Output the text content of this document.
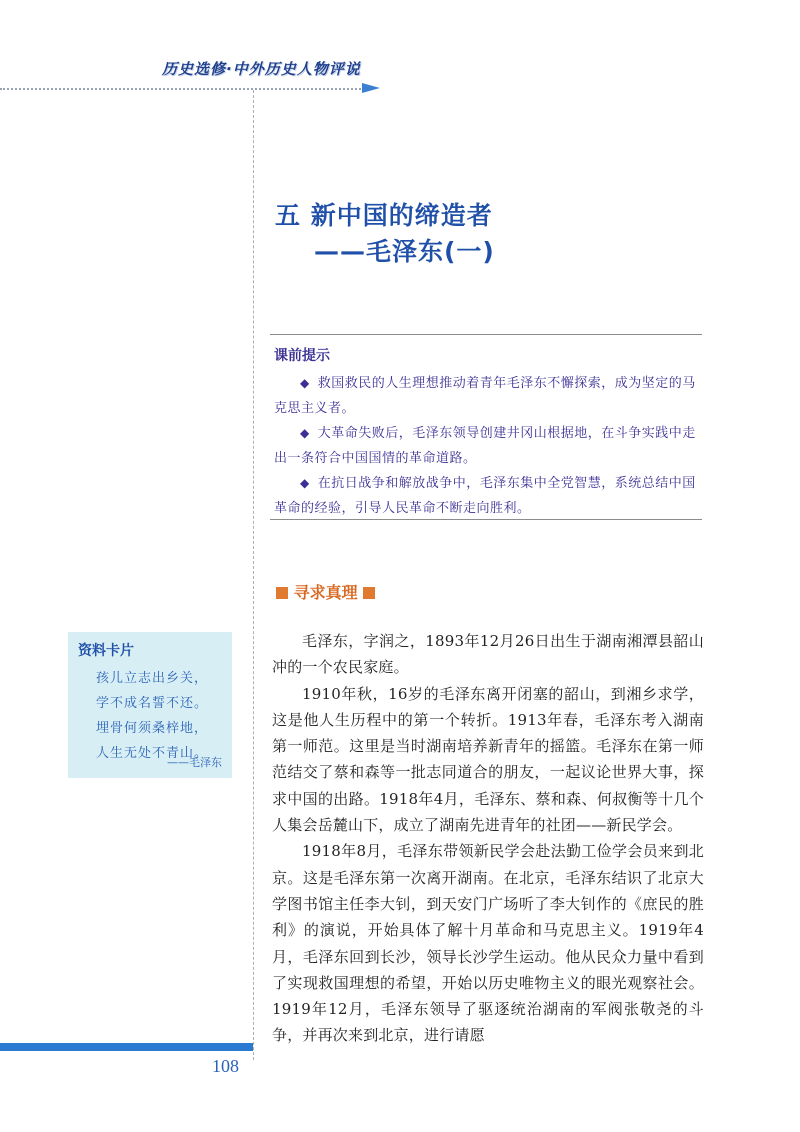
历史选修·中外历史人物评说
五 新中国的缔造者
——毛泽东(一)
课前提示
◆ 救国救民的人生理想推动着青年毛泽东不懈探索，成为坚定的马克思主义者。
◆ 大革命失败后，毛泽东领导创建井冈山根据地，在斗争实践中走出一条符合中国国情的革命道路。
◆ 在抗日战争和解放战争中，毛泽东集中全党智慧，系统总结中国革命的经验，引导人民革命不断走向胜利。
寻求真理
资料卡片
孩儿立志出乡关，
学不成名誓不还。
埋骨何须桑梓地，
人生无处不青山。
——毛泽东

毛泽东，字润之，1893年12月26日出生于湖南湘潭县韶山冲的一个农民家庭。

1910年秋，16岁的毛泽东离开闭塞的韶山，到湘乡求学，这是他人生历程中的第一个转折。1913年春，毛泽东考入湖南第一师范。这里是当时湖南培养新青年的摇篮。毛泽东在第一师范结交了蔡和森等一批志同道合的朋友，一起议论世界大事，探求中国的出路。1918年4月，毛泽东、蔡和森、何叔衡等十几个人集会岳麓山下，成立了湖南先进青年的社团——新民学会。

1918年8月，毛泽东带领新民学会赴法勤工俭学会员来到北京。这是毛泽东第一次离开湖南。在北京，毛泽东结识了北京大学图书馆主任李大钊，到天安门广场听了李大钊作的《庶民的胜利》的演说，开始具体了解十月革命和马克思主义。1919年4月，毛泽东回到长沙，领导长沙学生运动。他从民众力量中看到了实现救国理想的希望，开始以历史唯物主义的眼光观察社会。1919年12月，毛泽东领导了驱逐统治湖南的军阀张敬尧的斗争，并再次来到北京，进行请愿

108
